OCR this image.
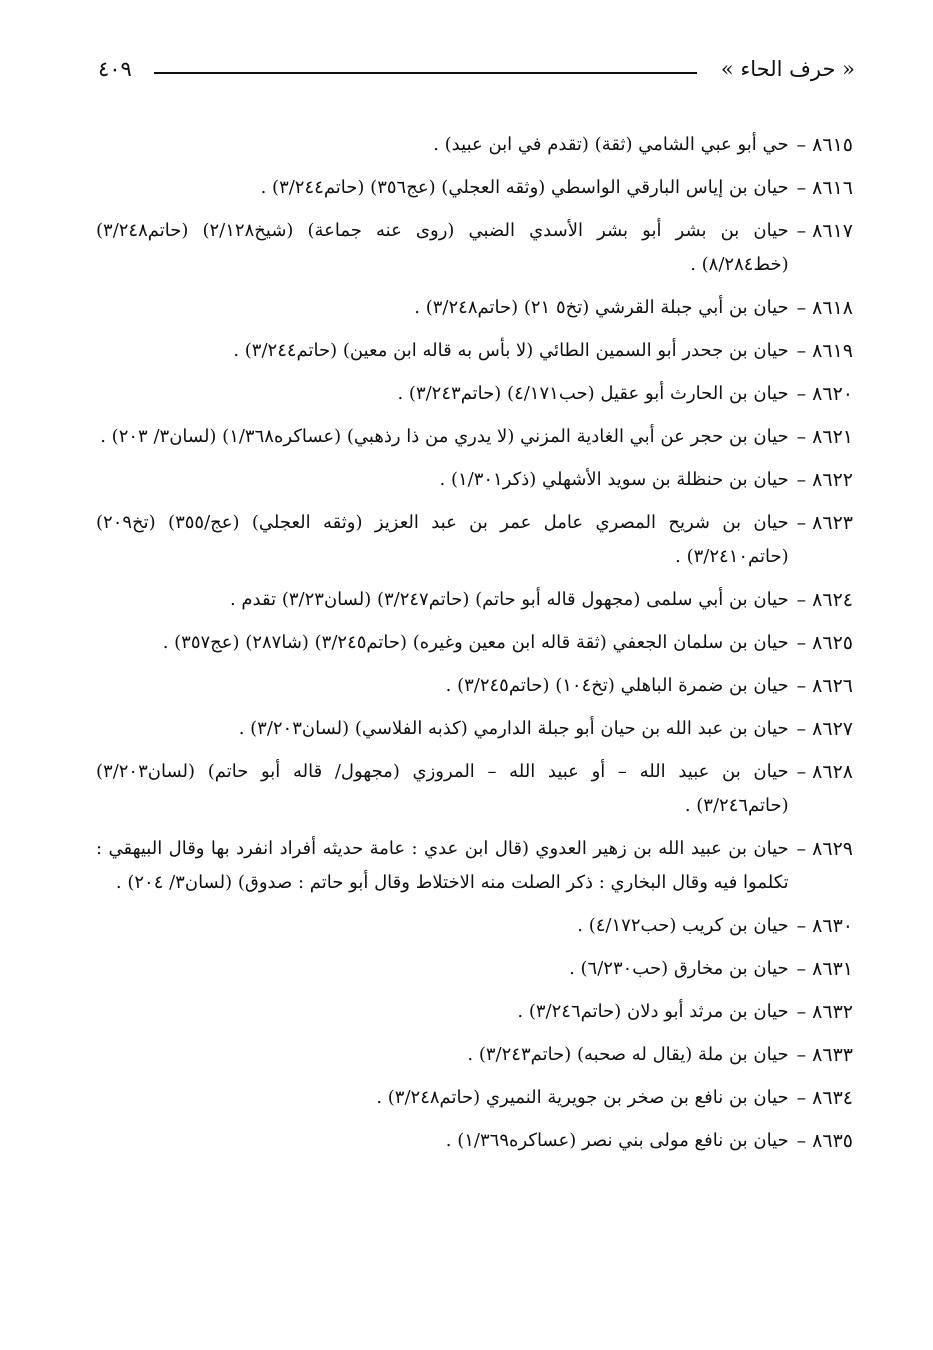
« حرف الحاء »
٤٠٩
٨٦١٥
–
حي أبو عبي الشامي (ثقة) (تقدم في ابن عبيد) .
٨٦١٦
–
حيان بن إياس البارقي الواسطي (وثقه العجلي) (عج٣٥٦) (حاتم٣/٢٤٤) .
٨٦١٧
–
حيان بن بشر أبو بشر الأسدي الضبي (روى عنه جماعة) (شيخ٢/١٢٨) (حاتم٣/٢٤٨) (خط٨/٢٨٤) .
٨٦١٨
–
حيان بن أبي جبلة القرشي (تخ٥ ٢١) (حاتم٣/٢٤٨) .
٨٦١٩
–
حيان بن جحدر أبو السمين الطائي (لا بأس به قاله ابن معين) (حاتم٣/٢٤٤) .
٨٦٢٠
–
حيان بن الحارث أبو عقيل (حب٤/١٧١) (حاتم٣/٢٤٣) .
٨٦٢١
–
حيان بن حجر عن أبي الغادية المزني (لا يدري من ذا رذهبي) (عساكره١/٣٦٨) (لسان٣/ ٢٠٣) .
٨٦٢٢
–
حيان بن حنظلة بن سويد الأشهلي (ذكر١/٣٠١) .
٨٦٢٣
–
حيان بن شريح المصري عامل عمر بن عبد العزيز (وثقه العجلي) (عج/٣٥٥) (تخ٢٠٩) (حاتم٣/٢٤١٠) .
٨٦٢٤
–
حيان بن أبي سلمى (مجهول قاله أبو حاتم) (حاتم٣/٢٤٧) (لسان٣/٢٣) تقدم .
٨٦٢٥
–
حيان بن سلمان الجعفي (ثقة قاله ابن معين وغيره) (حاتم٣/٢٤٥) (شا٢٨٧) (عج٣٥٧) .
٨٦٢٦
–
حيان بن ضمرة الباهلي (تخ١٠٤) (حاتم٣/٢٤٥) .
٨٦٢٧
–
حيان بن عبد الله بن حيان أبو جبلة الدارمي (كذبه الفلاسي) (لسان٣/٢٠٣) .
٨٦٢٨
–
حيان بن عبيد الله – أو عبيد الله – المروزي (مجهول/ قاله أبو حاتم) (لسان٣/٢٠٣) (حاتم٣/٢٤٦) .
٨٦٢٩
–
حيان بن عبيد الله بن زهير العدوي (قال ابن عدي : عامة حديثه أفراد انفرد بها وقال البيهقي : تكلموا فيه وقال البخاري : ذكر الصلت منه الاختلاط وقال أبو حاتم : صدوق) (لسان٣/ ٢٠٤) .
٨٦٣٠
–
حيان بن كريب (حب٤/١٧٢) .
٨٦٣١
–
حيان بن مخارق (حب٦/٢٣٠) .
٨٦٣٢
–
حيان بن مرثد أبو دلان (حاتم٣/٢٤٦) .
٨٦٣٣
–
حيان بن ملة (يقال له صحبه) (حاتم٣/٢٤٣) .
٨٦٣٤
–
حيان بن نافع بن صخر بن جويرية النميري (حاتم٣/٢٤٨) .
٨٦٣٥
–
حيان بن نافع مولى بني نصر (عساكره١/٣٦٩) .
